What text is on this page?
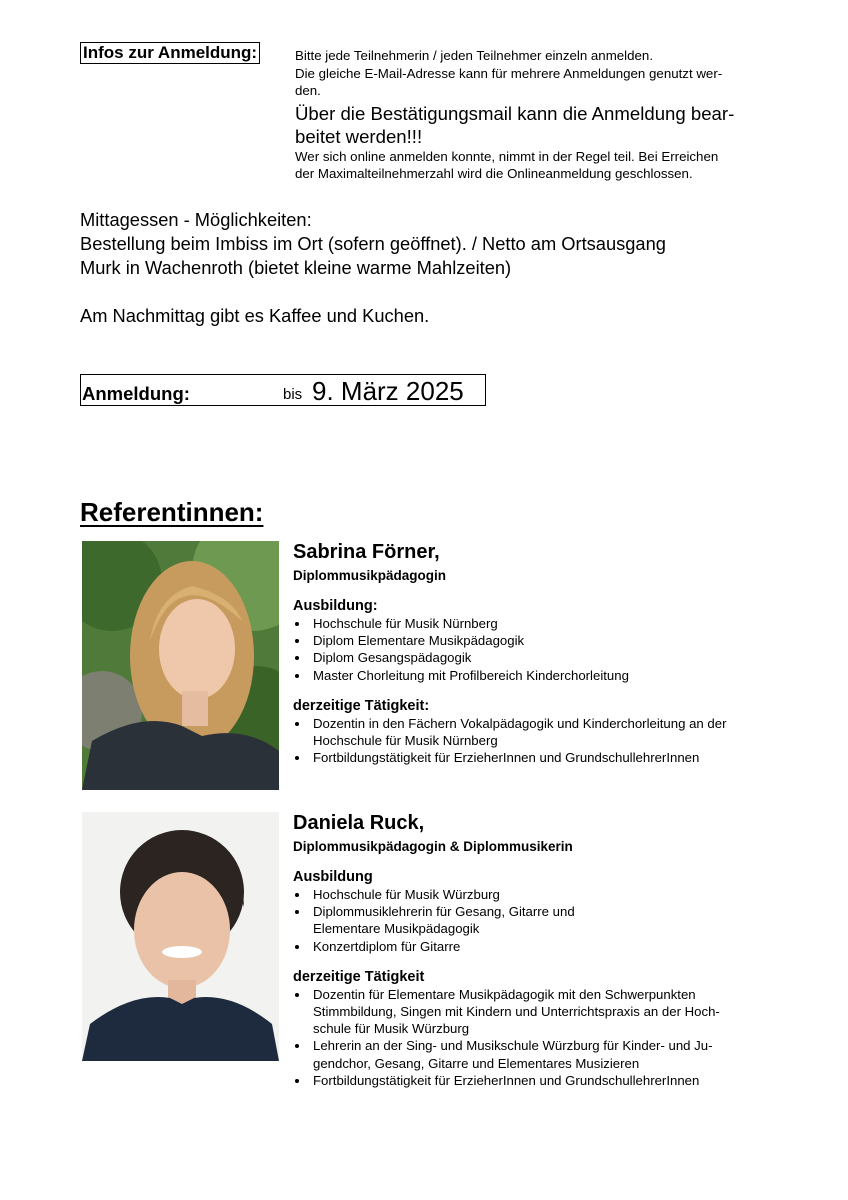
Infos zur Anmeldung:	Bitte jede Teilnehmerin / jeden Teilnehmer einzeln anmelden.

Die gleiche E-Mail-Adresse kann für mehrere Anmeldungen genutzt wer-

den.

Über die Bestätigungsmail kann die Anmeldung bear-

beitet werden!!!

Wer sich online anmelden konnte, nimmt in der Regel teil. Bei Erreichen

der Maximalteilnehmerzahl wird die Onlineanmeldung geschlossen.

Mittagessen - Möglichkeiten:

Bestellung beim Imbiss im Ort (sofern geöffnet). / Netto am Ortsausgang

Murk in Wachenroth (bietet kleine warme Mahlzeiten)

Am Nachmittag gibt es Kaffee und Kuchen.

Anmeldung:	bis 9. März 2025
Referentinnen:

Sabrina Förner,

Diplommusikpädagogin

Ausbildung:

Hochschule für Musik Nürnberg
Diplom Elementare Musikpädagogik
Diplom Gesangspädagogik
Master Chorleitung mit Profilbereich Kinderchorleitung

derzeitige Tätigkeit:

Dozentin in den Fächern Vokalpädagogik und Kinderchorleitung an der
Hochschule für Musik Nürnberg
Fortbildungstätigkeit für ErzieherInnen und GrundschullehrerInnen

Daniela Ruck,

Diplommusikpädagogin & Diplommusikerin

Ausbildung

Hochschule für Musik Würzburg
Diplommusiklehrerin für Gesang, Gitarre und
Elementare Musikpädagogik
Konzertdiplom für Gitarre

derzeitige Tätigkeit

Dozentin für Elementare Musikpädagogik mit den Schwerpunkten
Stimmbildung, Singen mit Kindern und Unterrichtspraxis an der Hoch-
schule für Musik Würzburg
Lehrerin an der Sing- und Musikschule Würzburg für Kinder- und Ju-
gendchor, Gesang, Gitarre und Elementares Musizieren
Fortbildungstätigkeit für ErzieherInnen und GrundschullehrerInnen
